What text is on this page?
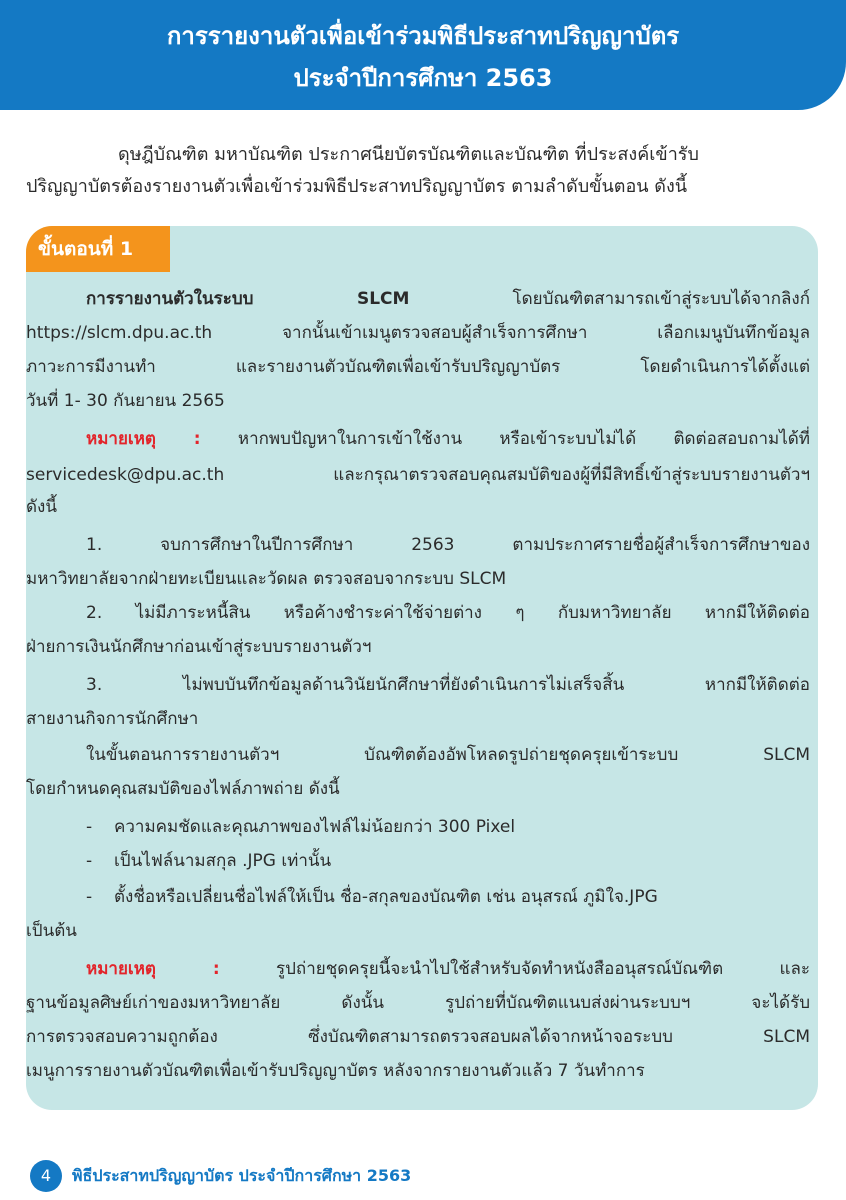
การรายงานตัวเพื่อเข้าร่วมพิธีประสาทปริญญาบัตร
ประจำปีการศึกษา 2563
ดุษฎีบัณฑิต มหาบัณฑิต ประกาศนียบัตรบัณฑิตและบัณฑิต ที่ประสงค์เข้ารับ
ปริญญาบัตรต้องรายงานตัวเพื่อเข้าร่วมพิธีประสาทปริญญาบัตร ตามลำดับขั้นตอน ดังนี้
ขั้นตอนที่ 1
การรายงานตัวในระบบ SLCM โดยบัณฑิตสามารถเข้าสู่ระบบได้จากลิงก์
https://slcm.dpu.ac.th จากนั้นเข้าเมนูตรวจสอบผู้สำเร็จการศึกษา เลือกเมนูบันทึกข้อมูล
ภาวะการมีงานทำ และรายงานตัวบัณฑิตเพื่อเข้ารับปริญญาบัตร โดยดำเนินการได้ตั้งแต่
วันที่ 1- 30 กันยายน 2565
หมายเหตุ : หากพบปัญหาในการเข้าใช้งาน หรือเข้าระบบไม่ได้ ติดต่อสอบถามได้ที่
servicedesk@dpu.ac.th และกรุณาตรวจสอบคุณสมบัติของผู้ที่มีสิทธิ์เข้าสู่ระบบรายงานตัวฯ
ดังนี้
1. จบการศึกษาในปีการศึกษา 2563 ตามประกาศรายชื่อผู้สำเร็จการศึกษาของ
มหาวิทยาลัยจากฝ่ายทะเบียนและวัดผล ตรวจสอบจากระบบ SLCM
2. ไม่มีภาระหนี้สิน หรือค้างชำระค่าใช้จ่ายต่าง ๆ กับมหาวิทยาลัย หากมีให้ติดต่อ
ฝ่ายการเงินนักศึกษาก่อนเข้าสู่ระบบรายงานตัวฯ
3. ไม่พบบันทึกข้อมูลด้านวินัยนักศึกษาที่ยังดำเนินการไม่เสร็จสิ้น หากมีให้ติดต่อ
สายงานกิจการนักศึกษา
ในขั้นตอนการรายงานตัวฯ บัณฑิตต้องอัพโหลดรูปถ่ายชุดครุยเข้าระบบ SLCM
โดยกำหนดคุณสมบัติของไฟล์ภาพถ่าย ดังนี้
- ความคมชัดและคุณภาพของไฟล์ไม่น้อยกว่า 300 Pixel
- เป็นไฟล์นามสกุล .JPG เท่านั้น
- ตั้งชื่อหรือเปลี่ยนชื่อไฟล์ให้เป็น ชื่อ-สกุลของบัณฑิต เช่น อนุสรณ์ ภูมิใจ.JPG
เป็นต้น
หมายเหตุ : รูปถ่ายชุดครุยนี้จะนำไปใช้สำหรับจัดทำหนังสืออนุสรณ์บัณฑิต และ
ฐานข้อมูลศิษย์เก่าของมหาวิทยาลัย ดังนั้น รูปถ่ายที่บัณฑิตแนบส่งผ่านระบบฯ จะได้รับ
การตรวจสอบความถูกต้อง ซึ่งบัณฑิตสามารถตรวจสอบผลได้จากหน้าจอระบบ SLCM
เมนูการรายงานตัวบัณฑิตเพื่อเข้ารับปริญญาบัตร หลังจากรายงานตัวแล้ว 7 วันทำการ
4	พิธีประสาทปริญญาบัตร ประจำปีการศึกษา 2563
